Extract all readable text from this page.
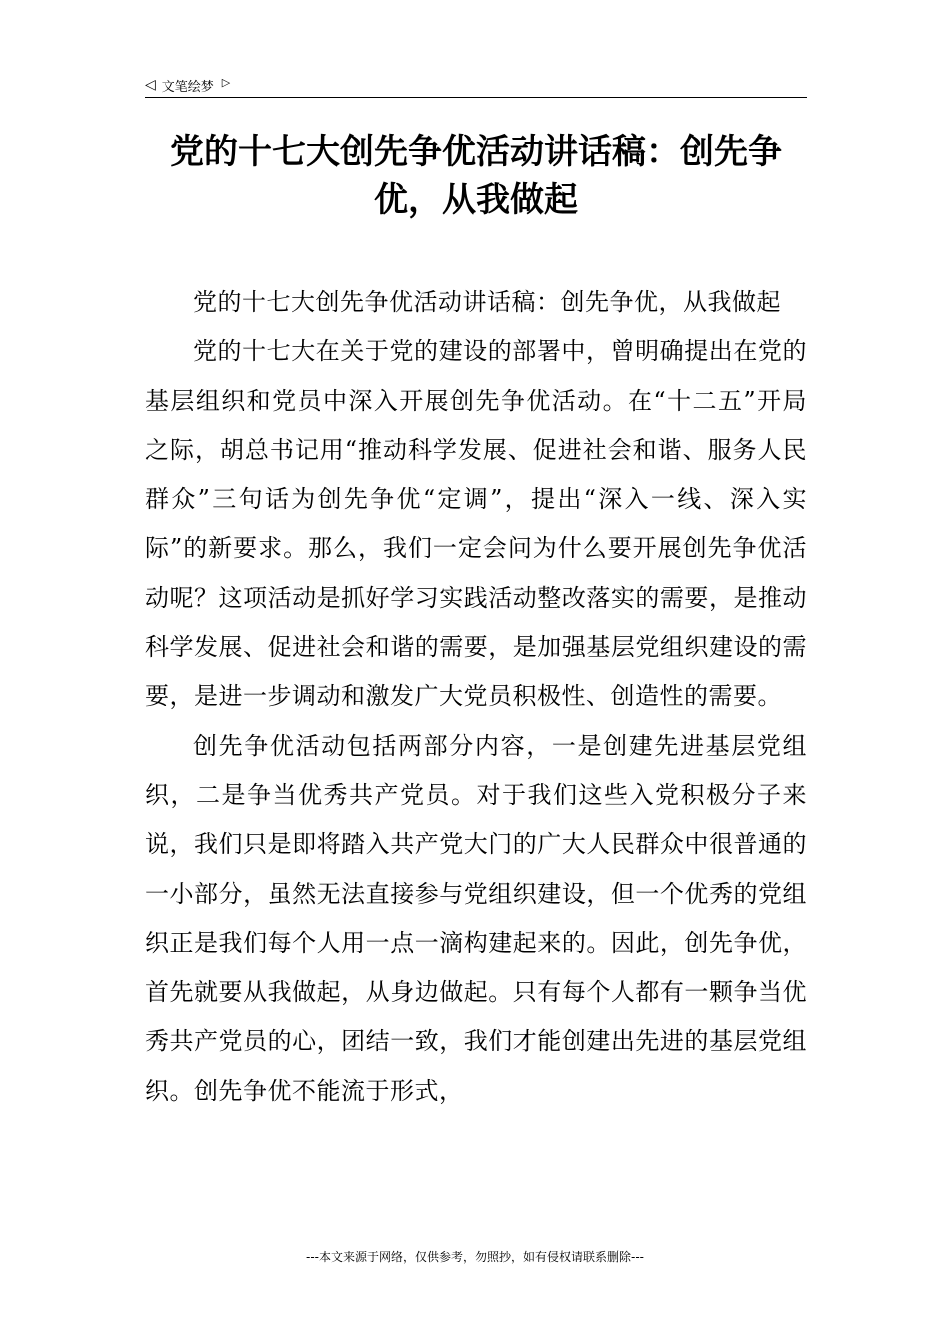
◁ 文笔绘梦 ▷
党的十七大创先争优活动讲话稿：创先争优，从我做起

党的十七大创先争优活动讲话稿：创先争优，从我做起

党的十七大在关于党的建设的部署中，曾明确提出在党的基层组织和党员中深入开展创先争优活动。在“十二五”开局之际，胡总书记用“推动科学发展、促进社会和谐、服务人民群众”三句话为创先争优“定调”，提出“深入一线、深入实际”的新要求。那么，我们一定会问为什么要开展创先争优活动呢？这项活动是抓好学习实践活动整改落实的需要，是推动科学发展、促进社会和谐的需要，是加强基层党组织建设的需要，是进一步调动和激发广大党员积极性、创造性的需要。

创先争优活动包括两部分内容，一是创建先进基层党组织，二是争当优秀共产党员。对于我们这些入党积极分子来说，我们只是即将踏入共产党大门的广大人民群众中很普通的一小部分，虽然无法直接参与党组织建设，但一个优秀的党组织正是我们每个人用一点一滴构建起来的。因此，创先争优，首先就要从我做起，从身边做起。只有每个人都有一颗争当优秀共产党员的心，团结一致，我们才能创建出先进的基层党组织。创先争优不能流于形式，

---本文来源于网络，仅供参考，勿照抄，如有侵权请联系删除---
